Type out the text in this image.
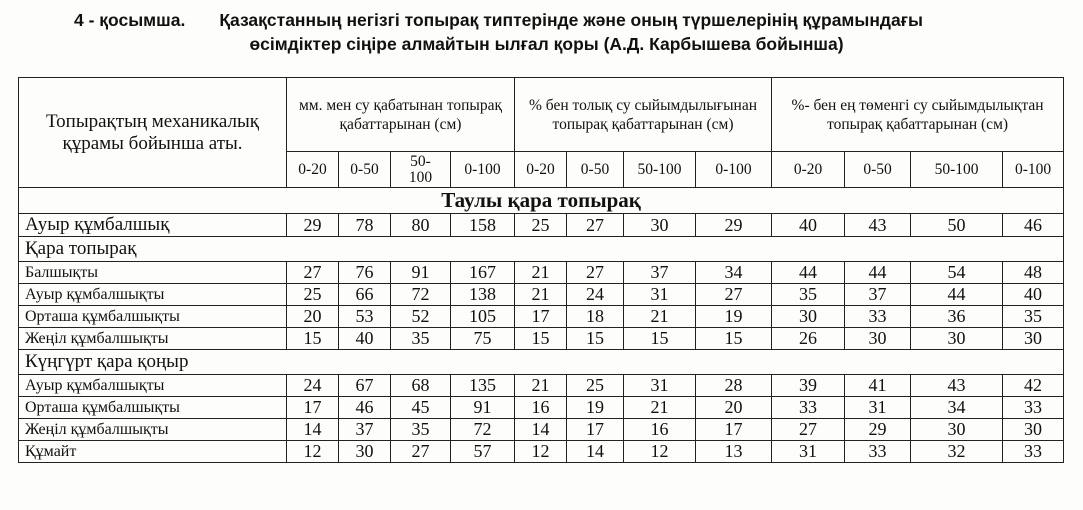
4 - қосымша. Қазақстанның негізгі топырақ типтерінде және оның түршелерінің құрамындағы
өсімдіктер сіңіре алмайтын ылғал қоры (А.Д. Карбышева бойынша)
Топырақтың механикалық құрамы бойынша аты.	мм. мен су қабатынан топырақ қабаттарынан (см)				% бен толық су сыйымдылығынан топырақ қабаттарынан (см)				%- бен ең төменгі су сыйымдылықтан топырақ қабаттарынан (см)			
	0-20	0-50	50-100	0-100	0-20	0-50	50-100	0-100	0-20	0-50	50-100	0-100
Таулы қара топырақ												
Ауыр құмбалшық	29	78	80	158	25	27	30	29	40	43	50	46
Қара топырақ												
Балшықты	27	76	91	167	21	27	37	34	44	44	54	48
Ауыр құмбалшықты	25	66	72	138	21	24	31	27	35	37	44	40
Орташа құмбалшықты	20	53	52	105	17	18	21	19	30	33	36	35
Жеңіл құмбалшықты	15	40	35	75	15	15	15	15	26	30	30	30
Күңгүрт қара қоңыр												
Ауыр құмбалшықты	24	67	68	135	21	25	31	28	39	41	43	42
Орташа құмбалшықты	17	46	45	91	16	19	21	20	33	31	34	33
Жеңіл құмбалшықты	14	37	35	72	14	17	16	17	27	29	30	30
Құмайт	12	30	27	57	12	14	12	13	31	33	32	33
